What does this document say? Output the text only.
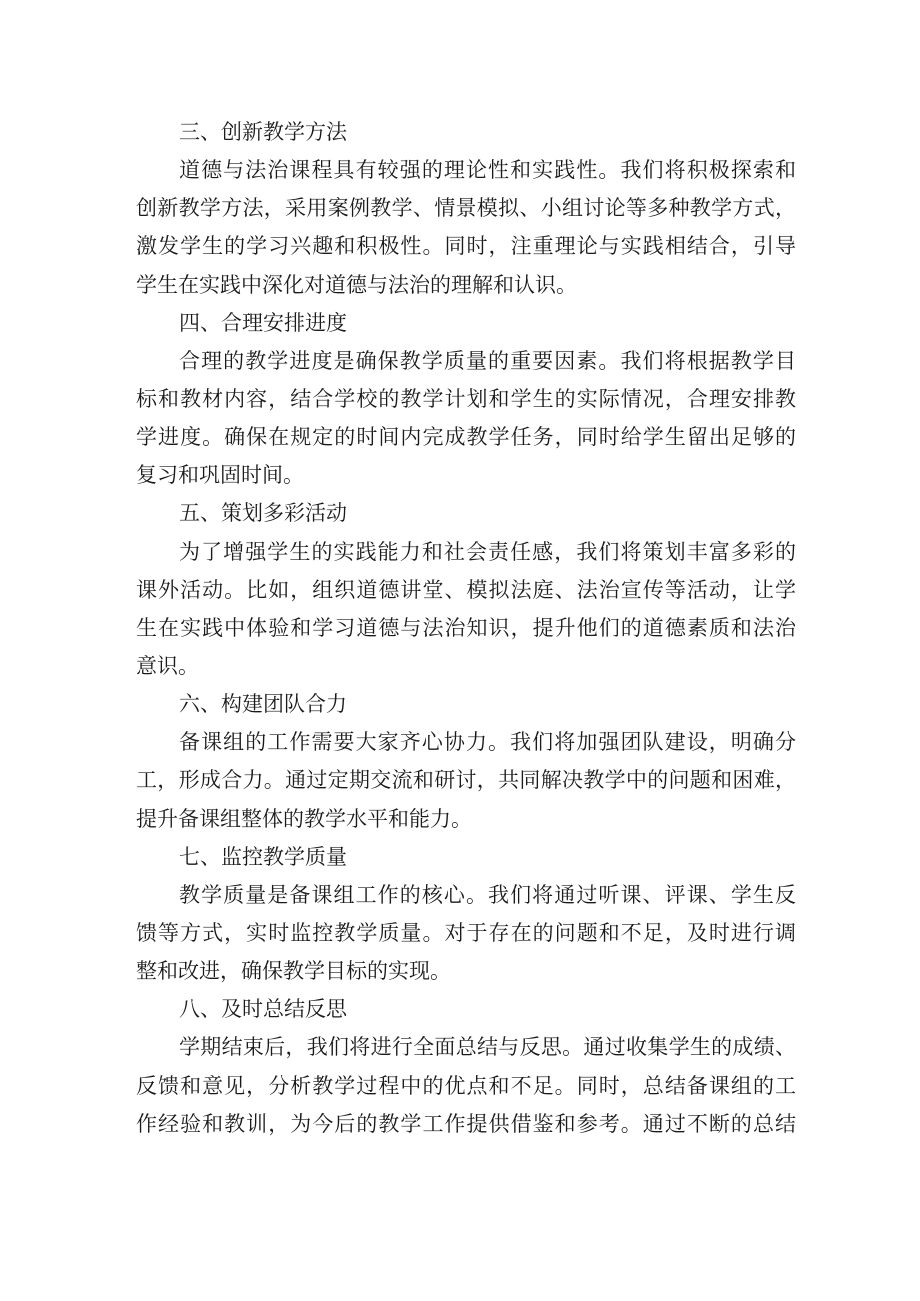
三、创新教学方法
道德与法治课程具有较强的理论性和实践性。我们将积极探索和
创新教学方法，采用案例教学、情景模拟、小组讨论等多种教学方式，
激发学生的学习兴趣和积极性。同时，注重理论与实践相结合，引导
学生在实践中深化对道德与法治的理解和认识。
四、合理安排进度
合理的教学进度是确保教学质量的重要因素。我们将根据教学目
标和教材内容，结合学校的教学计划和学生的实际情况，合理安排教
学进度。确保在规定的时间内完成教学任务，同时给学生留出足够的
复习和巩固时间。
五、策划多彩活动
为了增强学生的实践能力和社会责任感，我们将策划丰富多彩的
课外活动。比如，组织道德讲堂、模拟法庭、法治宣传等活动，让学
生在实践中体验和学习道德与法治知识，提升他们的道德素质和法治
意识。
六、构建团队合力
备课组的工作需要大家齐心协力。我们将加强团队建设，明确分
工，形成合力。通过定期交流和研讨，共同解决教学中的问题和困难，
提升备课组整体的教学水平和能力。
七、监控教学质量
教学质量是备课组工作的核心。我们将通过听课、评课、学生反
馈等方式，实时监控教学质量。对于存在的问题和不足，及时进行调
整和改进，确保教学目标的实现。
八、及时总结反思
学期结束后，我们将进行全面总结与反思。通过收集学生的成绩、
反馈和意见，分析教学过程中的优点和不足。同时，总结备课组的工
作经验和教训，为今后的教学工作提供借鉴和参考。通过不断的总结
